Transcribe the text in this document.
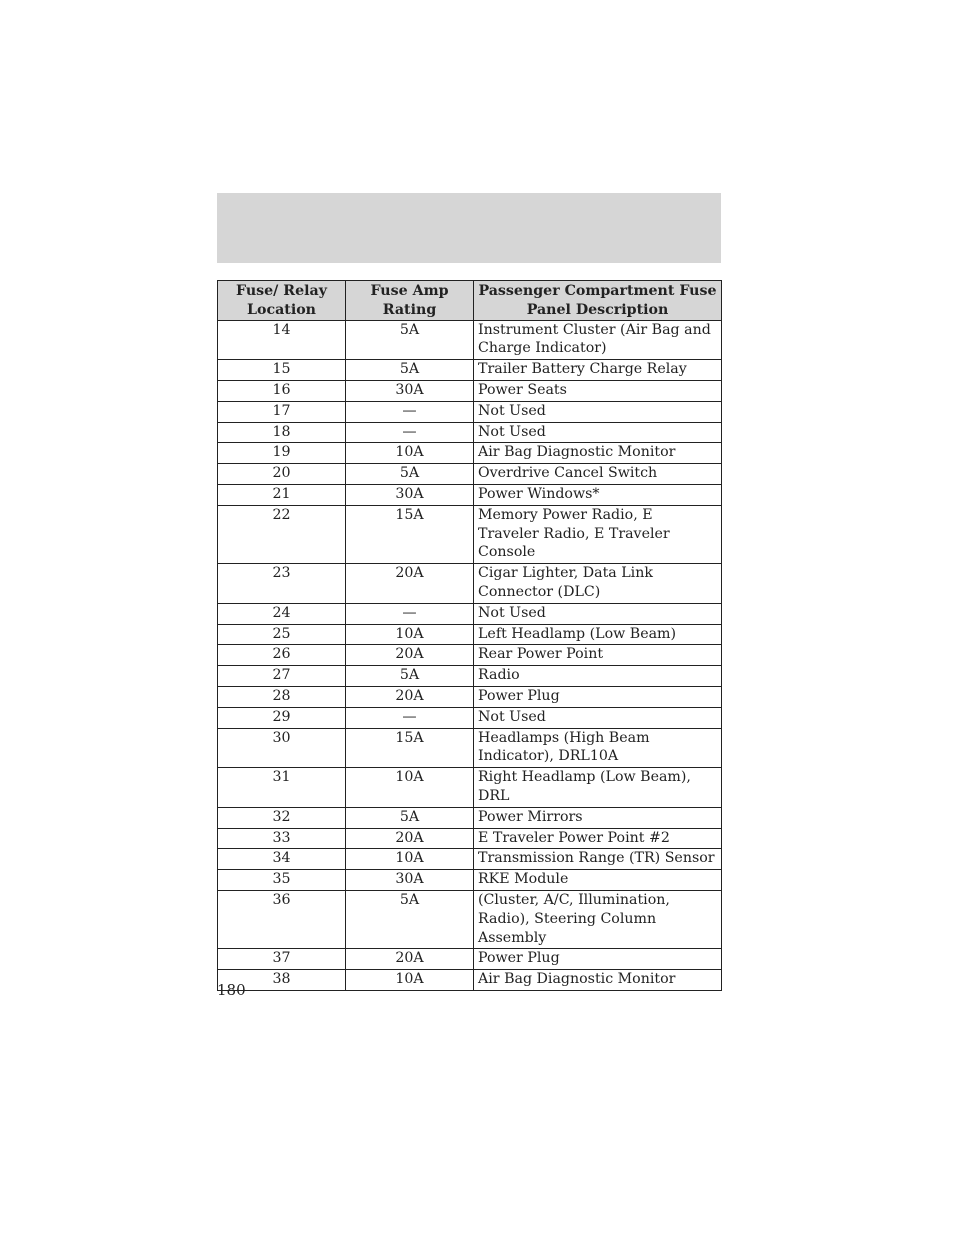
Fuse/ Relay Location	Fuse Amp Rating	Passenger Compartment Fuse Panel Description
14	5A	Instrument Cluster (Air Bag and Charge Indicator)
15	5A	Trailer Battery Charge Relay
16	30A	Power Seats
17	—	Not Used
18	—	Not Used
19	10A	Air Bag Diagnostic Monitor
20	5A	Overdrive Cancel Switch
21	30A	Power Windows*
22	15A	Memory Power Radio, E Traveler Radio, E Traveler Console
23	20A	Cigar Lighter, Data Link Connector (DLC)
24	—	Not Used
25	10A	Left Headlamp (Low Beam)
26	20A	Rear Power Point
27	5A	Radio
28	20A	Power Plug
29	—	Not Used
30	15A	Headlamps (High Beam Indicator), DRL10A
31	10A	Right Headlamp (Low Beam), DRL
32	5A	Power Mirrors
33	20A	E Traveler Power Point #2
34	10A	Transmission Range (TR) Sensor
35	30A	RKE Module
36	5A	(Cluster, A/C, Illumination, Radio), Steering Column Assembly
37	20A	Power Plug
38	10A	Air Bag Diagnostic Monitor
180
